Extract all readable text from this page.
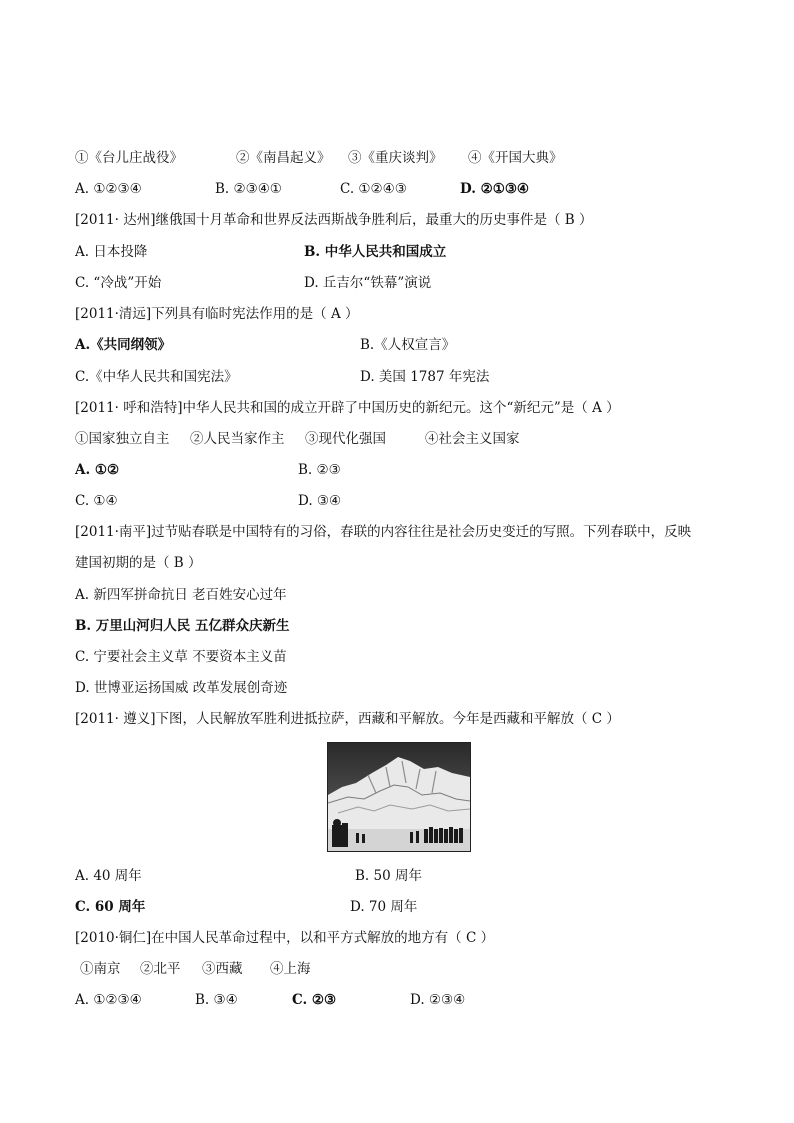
①《台儿庄战役》	②《南昌起义》 ③《重庆谈判》 ④《开国大典》
A. ①②③④	B. ②③④①	C. ①②④③	D. ②①③④
[2011· 达州]继俄国十月革命和世界反法西斯战争胜利后，最重大的历史事件是（ B ）
A. 日本投降	B. 中华人民共和国成立
C. “冷战”开始	D. 丘吉尔“铁幕”演说
[2011·清远]下列具有临时宪法作用的是（ A ）
A.《共同纲领》	B.《人权宣言》
C.《中华人民共和国宪法》	D. 美国 1787 年宪法
[2011· 呼和浩特]中华人民共和国的成立开辟了中国历史的新纪元。这个“新纪元”是（ A ）
①国家独立自主 ②人民当家作主 ③现代化强国	④社会主义国家
A. ①②	B. ②③
C. ①④	D. ③④
[2011·南平]过节贴春联是中国特有的习俗，春联的内容往往是社会历史变迁的写照。下列春联中，反映
建国初期的是（ B ）
A. 新四军拼命抗日 老百姓安心过年
B. 万里山河归人民 五亿群众庆新生
C. 宁要社会主义草 不要资本主义苗
D. 世博亚运扬国威 改革发展创奇迹
[2011· 遵义]下图，人民解放军胜利进抵拉萨，西藏和平解放。今年是西藏和平解放（ C ）
A. 40 周年	B. 50 周年
C. 60 周年	D. 70 周年
[2010·铜仁]在中国人民革命过程中，以和平方式解放的地方有（ C ）
①南京 ②北平 ③西藏 ④上海
A. ①②③④	B. ③④	C. ②③	D. ②③④
